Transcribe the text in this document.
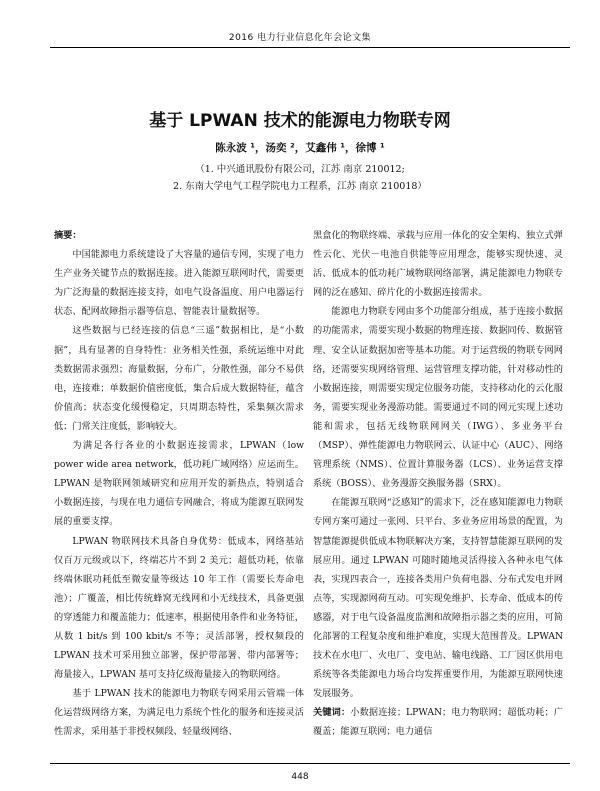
2016 电力行业信息化年会论文集
基于 LPWAN 技术的能源电力物联专网
陈永波 ¹，汤奕 ²，艾鑫伟 ¹，徐博 ¹
（1. 中兴通讯股份有限公司，江苏 南京 210012;
2. 东南大学电气工程学院电力工程系，江苏 南京 210018）
摘要：

中国能源电力系统建设了大容量的通信专网，实现了电力生产业务关键节点的数据连接。进入能源互联网时代，需要更为广泛海量的数据连接支持，如电气设备温度、用户电器运行状态、配网故障指示器等信息、智能表计量数据等。

这些数据与已经连接的信息“三遥”数据相比，是“小数据”，具有显著的自身特性：业务相关性强，系统运维中对此类数据需求强烈；海量数据，分布广，分散性强，部分不易供电，连接难；单数据价值密度低，集合后成大数据特征，蕴含价值高；状态变化缓慢稳定，只周期态特性，采集频次需求低；门常关注度低，影响较大。

为满足各行各业的小数据连接需求，LPWAN（low power wide area network，低功耗广域网络）应运而生。LPWAN 是物联网领域研究和应用开发的新热点，特别适合小数据连接，与现在电力通信专网融合，将成为能源互联网发展的重要支撑。

LPWAN 物联网技术具备自身优势：低成本，网络基站仅百万元级或以下，终端芯片不到 2 美元；超低功耗，依靠终端休眠功耗低至微安量等级达 10 年工作（需要长寿命电池）；广覆盖，相比传统蜂窝无线网和小无线技术，具备更强的穿透能力和覆盖能力；低速率，根据使用条件和业务特征，从数 1 bit/s 到 100 kbit/s 不等；灵活部署，授权频段的 LPWAN 技术可采用独立部署，保护带部署、带内部署等；海量接入，LPWAN 基可支持亿级海量接入的物联网络。

基于 LPWAN 技术的能源电力物联专网采用云管端一体化运营级网络方案，为满足电力系统个性化的服务和连接灵活性需求，采用基于非授权频段、轻量级网络、

黑盒化的物联终端、承载与应用一体化的安全架构、独立式弹性云化、光伏－电池自供能等应用理念，能够实现快速、灵活、低成本的低功耗广域物联网络部署，满足能源电力物联专网的泛在感知、碎片化的小数据连接需求。

能源电力物联专网由多个功能部分组成，基于连接小数据的功能需求，需要实现小数据的物理连接、数据同传、数据管理、安全认证数据加密等基本功能。对于运营级的物联专网网络，还需要实现网络管理、运营管理支撑功能，针对移动性的小数据连接，则需要实现定位服务功能，支持移动化的云化服务，需要实现业务漫游功能。需要通过不同的网元实现上述功能和需求，包括无线物联网网关（IWG）、多业务平台（MSP）、弹性能源电力物联网云、认证中心（AUC）、网络管理系统（NMS）、位置计算服务器（LCS）、业务运营支撑系统（BOSS）、业务漫游交换服务器（SRX）。

在能源互联网“泛感知”的需求下，泛在感知能源电力物联专网方案可通过一张网、只平台、多业务应用场景的配置，为智慧能源提供低成本物联解决方案，支持智慧能源互联网的发展应用。通过 LPWAN 可随时随地灵活得接入各种永电气体表，实现四表合一，连接各类用户负荷电器、分布式发电并网点等，实现源网荷互动。可实现免维护、长寿命、低成本的传感器，对于电气设备温度监测和故障指示器之类的应用，可简化部署的工程复杂度和维护难度，实现大范围普及。LPWAN 技术在水电厂、火电厂、变电站、输电线路、工厂园区供用电系统等各类能源电力场合均发挥重要作用，为能源互联网快速发展服务。

关键词：小数据连接；LPWAN；电力物联网；超低功耗；广覆盖；能源互联网；电力通信

448
